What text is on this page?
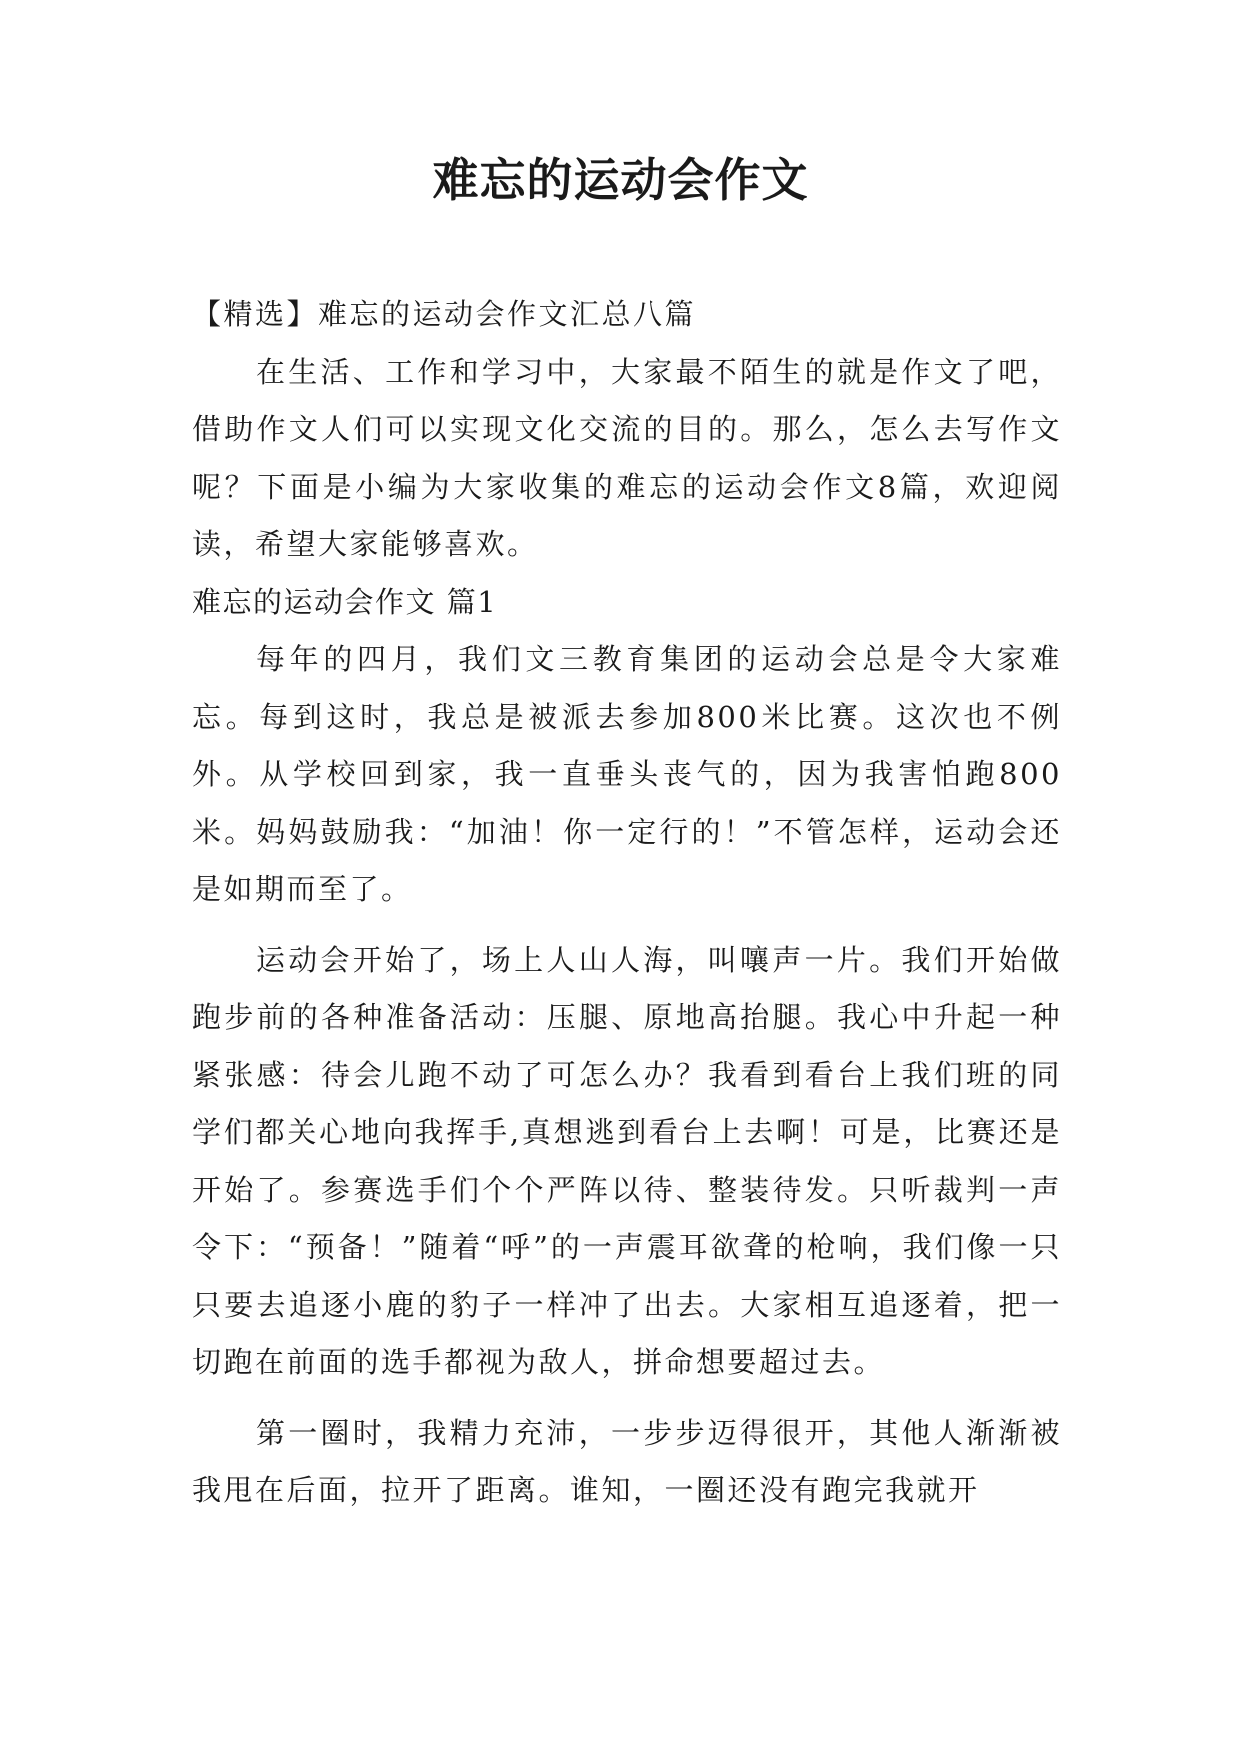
难忘的运动会作文

【精选】难忘的运动会作文汇总八篇

在生活、工作和学习中，大家最不陌生的就是作文了吧，借助作文人们可以实现文化交流的目的。那么，怎么去写作文呢？下面是小编为大家收集的难忘的运动会作文8篇，欢迎阅读，希望大家能够喜欢。

难忘的运动会作文 篇1

每年的四月，我们文三教育集团的运动会总是令大家难忘。每到这时，我总是被派去参加800米比赛。这次也不例外。从学校回到家，我一直垂头丧气的，因为我害怕跑800米。妈妈鼓励我：“加油！你一定行的！”不管怎样，运动会还是如期而至了。

运动会开始了，场上人山人海，叫嚷声一片。我们开始做跑步前的各种准备活动：压腿、原地高抬腿。我心中升起一种紧张感：待会儿跑不动了可怎么办？我看到看台上我们班的同学们都关心地向我挥手,真想逃到看台上去啊！可是，比赛还是开始了。参赛选手们个个严阵以待、整装待发。只听裁判一声令下：“预备！”随着“呼”的一声震耳欲聋的枪响，我们像一只只要去追逐小鹿的豹子一样冲了出去。大家相互追逐着，把一切跑在前面的选手都视为敌人，拼命想要超过去。

第一圈时，我精力充沛，一步步迈得很开，其他人渐渐被我甩在后面，拉开了距离。谁知，一圈还没有跑完我就开
